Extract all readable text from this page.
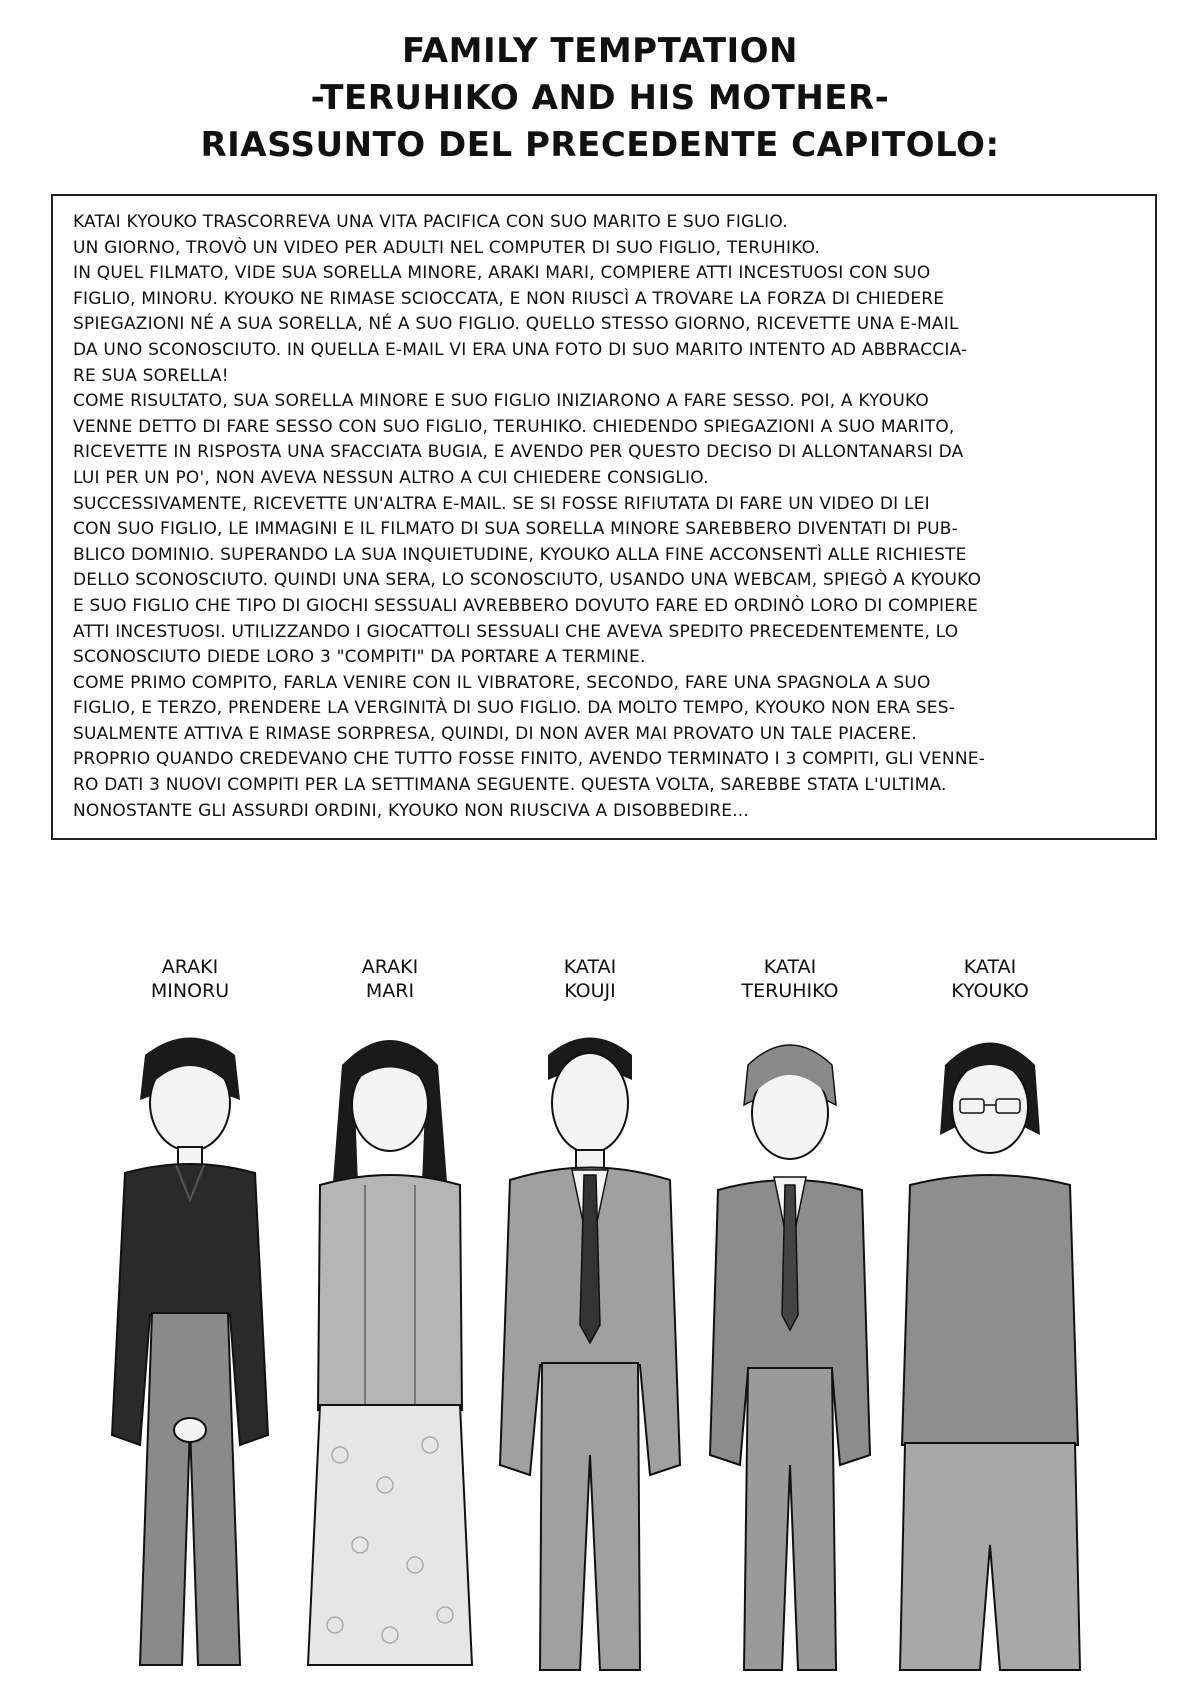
FAMILY TEMPTATION
-TERUHIKO AND HIS MOTHER-
RIASSUNTO DEL PRECEDENTE CAPITOLO:
KATAI KYOUKO TRASCORREVA UNA VITA PACIFICA CON SUO MARITO E SUO FIGLIO.
UN GIORNO, TROVÒ UN VIDEO PER ADULTI NEL COMPUTER DI SUO FIGLIO, TERUHIKO.
IN QUEL FILMATO, VIDE SUA SORELLA MINORE, ARAKI MARI, COMPIERE ATTI INCESTUOSI CON SUO
FIGLIO, MINORU. KYOUKO NE RIMASE SCIOCCATA, E NON RIUSCÌ A TROVARE LA FORZA DI CHIEDERE
SPIEGAZIONI NÉ A SUA SORELLA, NÉ A SUO FIGLIO. QUELLO STESSO GIORNO, RICEVETTE UNA E-MAIL
DA UNO SCONOSCIUTO. IN QUELLA E-MAIL VI ERA UNA FOTO DI SUO MARITO INTENTO AD ABBRACCIA-
RE SUA SORELLA!
COME RISULTATO, SUA SORELLA MINORE E SUO FIGLIO INIZIARONO A FARE SESSO. POI, A KYOUKO
VENNE DETTO DI FARE SESSO CON SUO FIGLIO, TERUHIKO. CHIEDENDO SPIEGAZIONI A SUO MARITO,
RICEVETTE IN RISPOSTA UNA SFACCIATA BUGIA, E AVENDO PER QUESTO DECISO DI ALLONTANARSI DA
LUI PER UN PO', NON AVEVA NESSUN ALTRO A CUI CHIEDERE CONSIGLIO.
SUCCESSIVAMENTE, RICEVETTE UN'ALTRA E-MAIL. SE SI FOSSE RIFIUTATA DI FARE UN VIDEO DI LEI
CON SUO FIGLIO, LE IMMAGINI E IL FILMATO DI SUA SORELLA MINORE SAREBBERO DIVENTATI DI PUB-
BLICO DOMINIO. SUPERANDO LA SUA INQUIETUDINE, KYOUKO ALLA FINE ACCONSENTÌ ALLE RICHIESTE
DELLO SCONOSCIUTO. QUINDI UNA SERA, LO SCONOSCIUTO, USANDO UNA WEBCAM, SPIEGÒ A KYOUKO
E SUO FIGLIO CHE TIPO DI GIOCHI SESSUALI AVREBBERO DOVUTO FARE ED ORDINÒ LORO DI COMPIERE
ATTI INCESTUOSI. UTILIZZANDO I GIOCATTOLI SESSUALI CHE AVEVA SPEDITO PRECEDENTEMENTE, LO
SCONOSCIUTO DIEDE LORO 3 "COMPITI" DA PORTARE A TERMINE.
COME PRIMO COMPITO, FARLA VENIRE CON IL VIBRATORE, SECONDO, FARE UNA SPAGNOLA A SUO
FIGLIO, E TERZO, PRENDERE LA VERGINITÀ DI SUO FIGLIO. DA MOLTO TEMPO, KYOUKO NON ERA SES-
SUALMENTE ATTIVA E RIMASE SORPRESA, QUINDI, DI NON AVER MAI PROVATO UN TALE PIACERE.
PROPRIO QUANDO CREDEVANO CHE TUTTO FOSSE FINITO, AVENDO TERMINATO I 3 COMPITI, GLI VENNE-
RO DATI 3 NUOVI COMPITI PER LA SETTIMANA SEGUENTE. QUESTA VOLTA, SAREBBE STATA L'ULTIMA.
NONOSTANTE GLI ASSURDI ORDINI, KYOUKO NON RIUSCIVA A DISOBBEDIRE...
ARAKI
MINORU
ARAKI
MARI
KATAI
KOUJI
KATAI
TERUHIKO
KATAI
KYOUKO
